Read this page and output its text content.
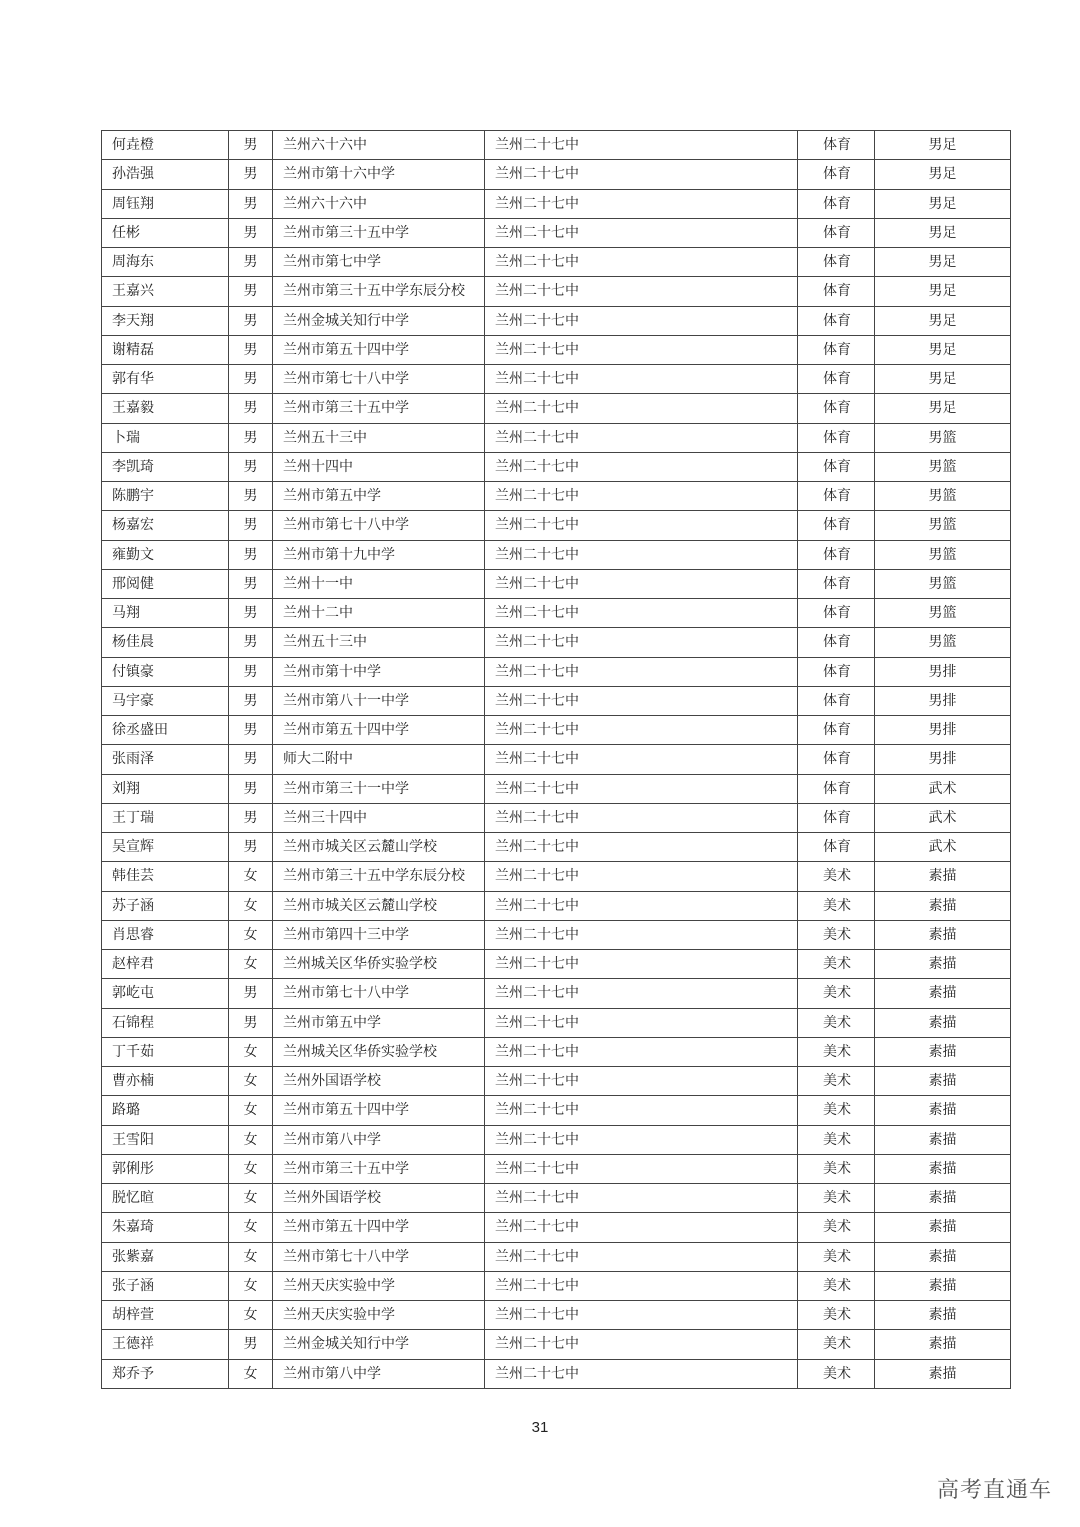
何垚橙	男	兰州六十六中	兰州二十七中	体育	男足
孙浩强	男	兰州市第十六中学	兰州二十七中	体育	男足
周钰翔	男	兰州六十六中	兰州二十七中	体育	男足
任彬	男	兰州市第三十五中学	兰州二十七中	体育	男足
周海东	男	兰州市第七中学	兰州二十七中	体育	男足
王嘉兴	男	兰州市第三十五中学东辰分校	兰州二十七中	体育	男足
李天翔	男	兰州金城关知行中学	兰州二十七中	体育	男足
谢精磊	男	兰州市第五十四中学	兰州二十七中	体育	男足
郭有华	男	兰州市第七十八中学	兰州二十七中	体育	男足
王嘉毅	男	兰州市第三十五中学	兰州二十七中	体育	男足
卜瑞	男	兰州五十三中	兰州二十七中	体育	男篮
李凯琦	男	兰州十四中	兰州二十七中	体育	男篮
陈鹏宇	男	兰州市第五中学	兰州二十七中	体育	男篮
杨嘉宏	男	兰州市第七十八中学	兰州二十七中	体育	男篮
雍勤文	男	兰州市第十九中学	兰州二十七中	体育	男篮
邢阅健	男	兰州十一中	兰州二十七中	体育	男篮
马翔	男	兰州十二中	兰州二十七中	体育	男篮
杨佳晨	男	兰州五十三中	兰州二十七中	体育	男篮
付镇豪	男	兰州市第十中学	兰州二十七中	体育	男排
马宇豪	男	兰州市第八十一中学	兰州二十七中	体育	男排
徐丞盛田	男	兰州市第五十四中学	兰州二十七中	体育	男排
张雨泽	男	师大二附中	兰州二十七中	体育	男排
刘翔	男	兰州市第三十一中学	兰州二十七中	体育	武术
王丁瑞	男	兰州三十四中	兰州二十七中	体育	武术
吴宣辉	男	兰州市城关区云麓山学校	兰州二十七中	体育	武术
韩佳芸	女	兰州市第三十五中学东辰分校	兰州二十七中	美术	素描
苏子涵	女	兰州市城关区云麓山学校	兰州二十七中	美术	素描
肖思睿	女	兰州市第四十三中学	兰州二十七中	美术	素描
赵梓君	女	兰州城关区华侨实验学校	兰州二十七中	美术	素描
郭屹屯	男	兰州市第七十八中学	兰州二十七中	美术	素描
石锦程	男	兰州市第五中学	兰州二十七中	美术	素描
丁千茹	女	兰州城关区华侨实验学校	兰州二十七中	美术	素描
曹亦楠	女	兰州外国语学校	兰州二十七中	美术	素描
路璐	女	兰州市第五十四中学	兰州二十七中	美术	素描
王雪阳	女	兰州市第八中学	兰州二十七中	美术	素描
郭俐彤	女	兰州市第三十五中学	兰州二十七中	美术	素描
脱忆暄	女	兰州外国语学校	兰州二十七中	美术	素描
朱嘉琦	女	兰州市第五十四中学	兰州二十七中	美术	素描
张紫嘉	女	兰州市第七十八中学	兰州二十七中	美术	素描
张子涵	女	兰州天庆实验中学	兰州二十七中	美术	素描
胡梓萱	女	兰州天庆实验中学	兰州二十七中	美术	素描
王德祥	男	兰州金城关知行中学	兰州二十七中	美术	素描
郑乔予	女	兰州市第八中学	兰州二十七中	美术	素描
31
高考直通车
